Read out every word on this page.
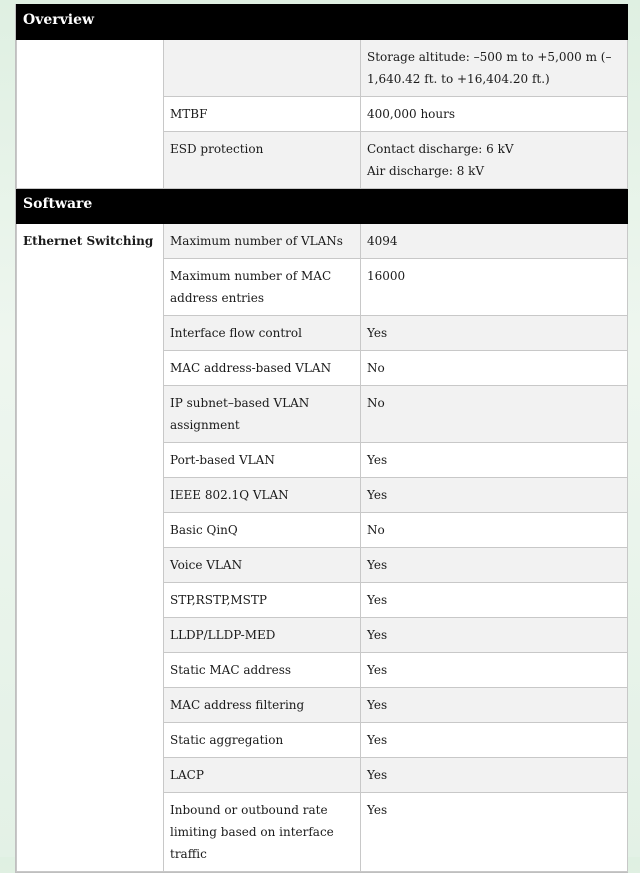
Overview		
		Storage altitude: –500 m to +5,000 m (–1,640.42 ft. to +16,404.20 ft.)
	MTBF	400,000 hours
	ESD protection	Contact discharge: 6 kV
Air discharge: 8 kV

Software		
Ethernet Switching	Maximum number of VLANs	4094
	Maximum number of MAC address entries	16000
	Interface flow control	Yes
	MAC address-based VLAN	No
	IP subnet–based VLAN assignment	No
	Port-based VLAN	Yes
	IEEE 802.1Q VLAN	Yes
	Basic QinQ	No
	Voice VLAN	Yes
	STP,RSTP,MSTP	Yes
	LLDP/LLDP-MED	Yes
	Static MAC address	Yes
	MAC address filtering	Yes
	Static aggregation	Yes
	LACP	Yes
	Inbound or outbound rate limiting based on interface traffic	Yes
